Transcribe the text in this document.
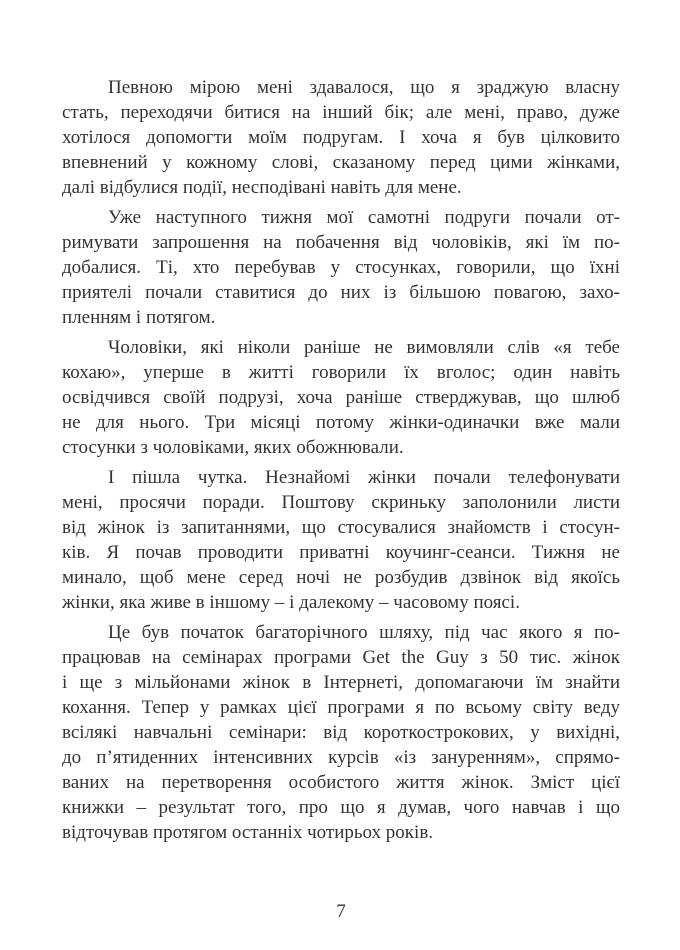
Певною мірою мені здавалося, що я зраджую власну
стать, переходячи битися на інший бік; але мені, право, дуже
хотілося допомогти моїм подругам. І хоча я був цілковито
впевнений у кожному слові, сказаному перед цими жінками,
далі відбулися події, несподівані навіть для мене.
Уже наступного тижня мої самотні подруги почали от-
римувати запрошення на побачення від чоловіків, які їм по-
добалися. Ті, хто перебував у стосунках, говорили, що їхні
приятелі почали ставитися до них із більшою повагою, захо-
пленням і потягом.
Чоловіки, які ніколи раніше не вимовляли слів «я тебе
кохаю», уперше в житті говорили їх вголос; один навіть
освідчився своїй подрузі, хоча раніше стверджував, що шлюб
не для нього. Три місяці потому жінки-одиначки вже мали
стосунки з чоловіками, яких обожнювали.
І пішла чутка. Незнайомі жінки почали телефонувати
мені, просячи поради. Поштову скриньку заполонили листи
від жінок із запитаннями, що стосувалися знайомств і стосун-
ків. Я почав проводити приватні коучинг-сеанси. Тижня не
минало, щоб мене серед ночі не розбудив дзвінок від якоїсь
жінки, яка живе в іншому – і далекому – часовому поясі.
Це був початок багаторічного шляху, під час якого я по-
працював на семінарах програми Get the Guy з 50 тис. жінок
і ще з мільйонами жінок в Інтернеті, допомагаючи їм знайти
кохання. Тепер у рамках цієї програми я по всьому світу веду
всілякі навчальні семінари: від короткострокових, у вихідні,
до п’ятиденних інтенсивних курсів «із зануренням», спрямо-
ваних на перетворення особистого життя жінок. Зміст цієї
книжки – результат того, про що я думав, чого навчав і що
відточував протягом останніх чотирьох років.
7
